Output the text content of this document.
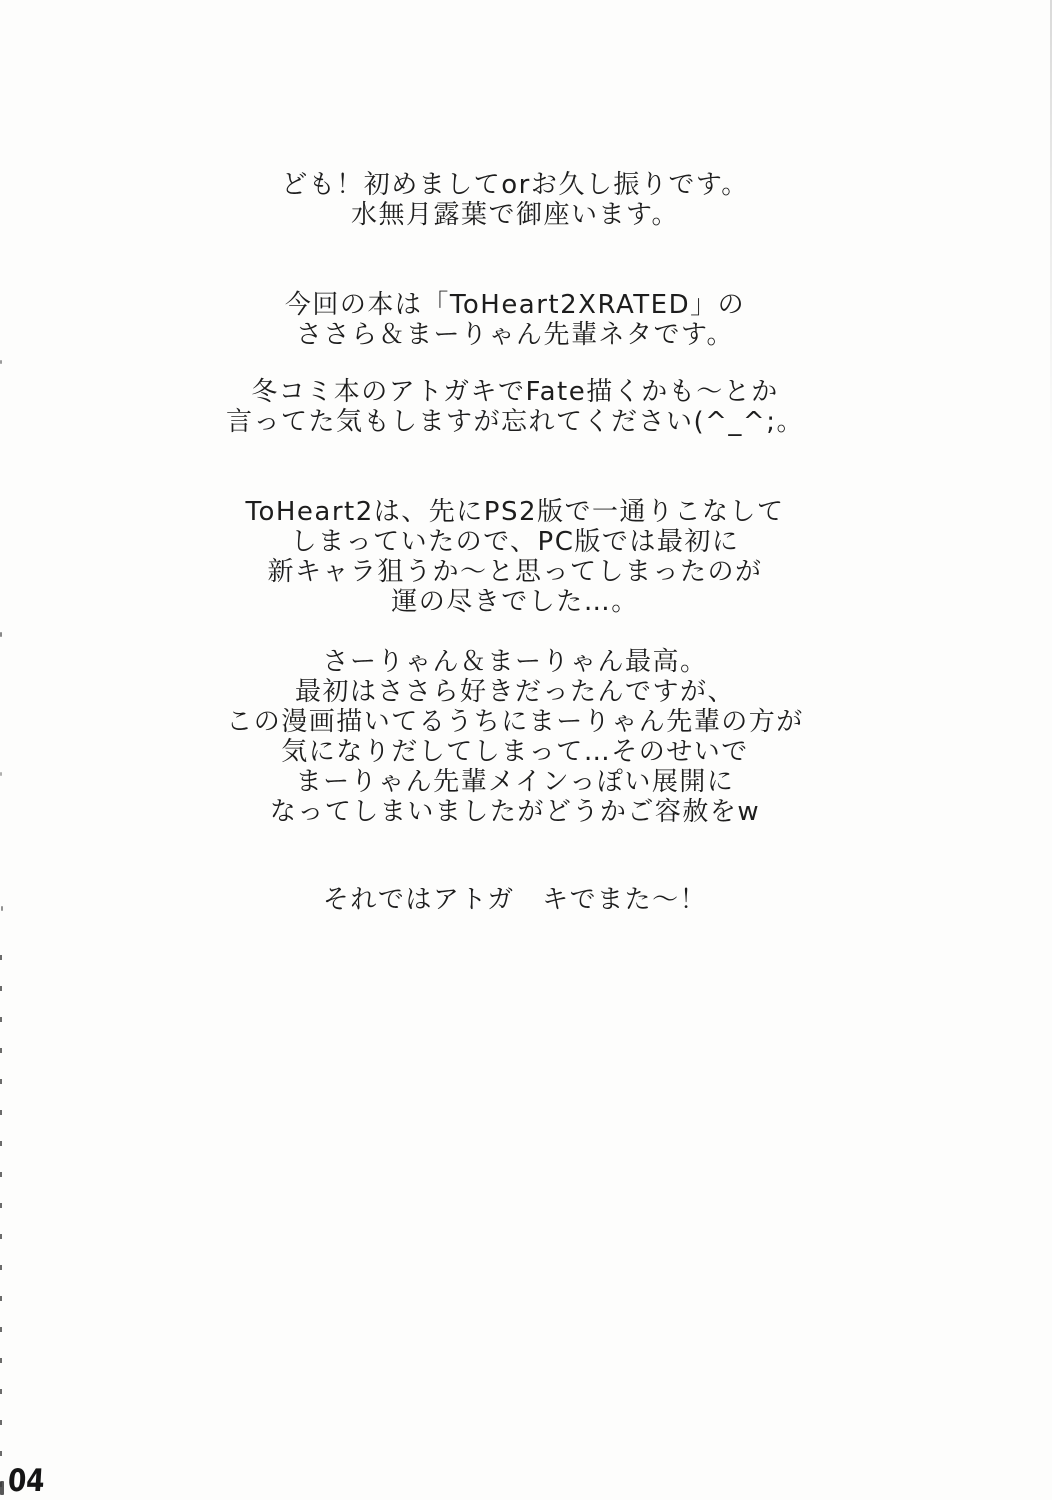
ども！初めましてorお久し振りです。
水無月露葉で御座います。

今回の本は「ToHeart2XRATED」の
ささら＆まーりゃん先輩ネタです。

冬コミ本のアトガキでFate描くかも～とか
言ってた気もしますが忘れてください(^_^;。

ToHeart2は、先にPS2版で一通りこなして
しまっていたので、PC版では最初に
新キャラ狙うか～と思ってしまったのが
運の尽きでした…。

さーりゃん＆まーりゃん最高。
最初はささら好きだったんですが、
この漫画描いてるうちにまーりゃん先輩の方が
気になりだしてしまって…そのせいで
まーりゃん先輩メインっぽい展開に
なってしまいましたがどうかご容赦をw

それではアトガ　キでまた～！

04
